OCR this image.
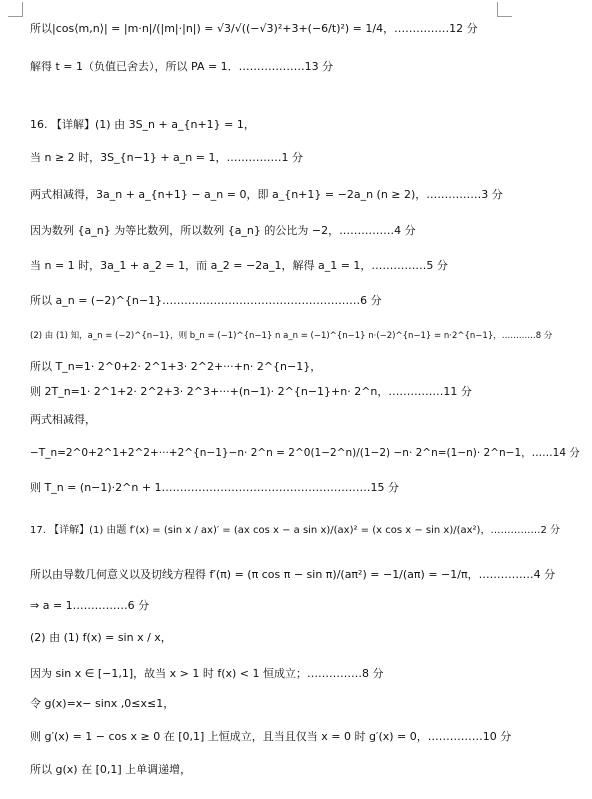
所以|cos⟨m,n⟩| = |m·n|/(|m|·|n|) = √3/√((−√3)²+3+(−6/t)²) = 1/4，……………12 分
解得 t = 1（负值已舍去），所以 PA = 1．………………13 分
16. 【详解】(1) 由 3S_n + a_{n+1} = 1，
当 n ≥ 2 时，3S_{n−1} + a_n = 1，……………1 分
两式相减得，3a_n + a_{n+1} − a_n = 0，即 a_{n+1} = −2a_n (n ≥ 2)，……………3 分
因为数列 {a_n} 为等比数列，所以数列 {a_n} 的公比为 −2，……………4 分
当 n = 1 时，3a_1 + a_2 = 1，而 a_2 = −2a_1，解得 a_1 = 1，……………5 分
所以 a_n = (−2)^{n−1}………………………………………………6 分
(2) 由 (1) 知，a_n = (−2)^{n−1}，则 b_n = (−1)^{n−1} n a_n = (−1)^{n−1} n·(−2)^{n−1} = n·2^{n−1}，…………8 分
所以 T_n=1· 2^0+2· 2^1+3· 2^2+···+n· 2^{n−1}，
则 2T_n=1· 2^1+2· 2^2+3· 2^3+···+(n−1)· 2^{n−1}+n· 2^n，……………11 分
两式相减得，
−T_n=2^0+2^1+2^2+···+2^{n−1}−n· 2^n = 2^0(1−2^n)/(1−2) −n· 2^n=(1−n)· 2^n−1，……14 分
则 T_n = (n−1)·2^n + 1…………………………………………………15 分
17. 【详解】(1) 由题 f′(x) = (sin x / ax)′ = (ax cos x − a sin x)/(ax)² = (x cos x − sin x)/(ax²)，……………2 分
所以由导数几何意义以及切线方程得 f′(π) = (π cos π − sin π)/(aπ²) = −1/(aπ) = −1/π，……………4 分
⇒ a = 1……………6 分
(2) 由 (1) f(x) = sin x / x，
因为 sin x ∈ [−1,1]，故当 x > 1 时 f(x) < 1 恒成立；……………8 分
令 g(x)=x− sinx ,0≤x≤1，
则 g′(x) = 1 − cos x ≥ 0 在 [0,1] 上恒成立，且当且仅当 x = 0 时 g′(x) = 0，……………10 分
所以 g(x) 在 [0,1] 上单调递增，
